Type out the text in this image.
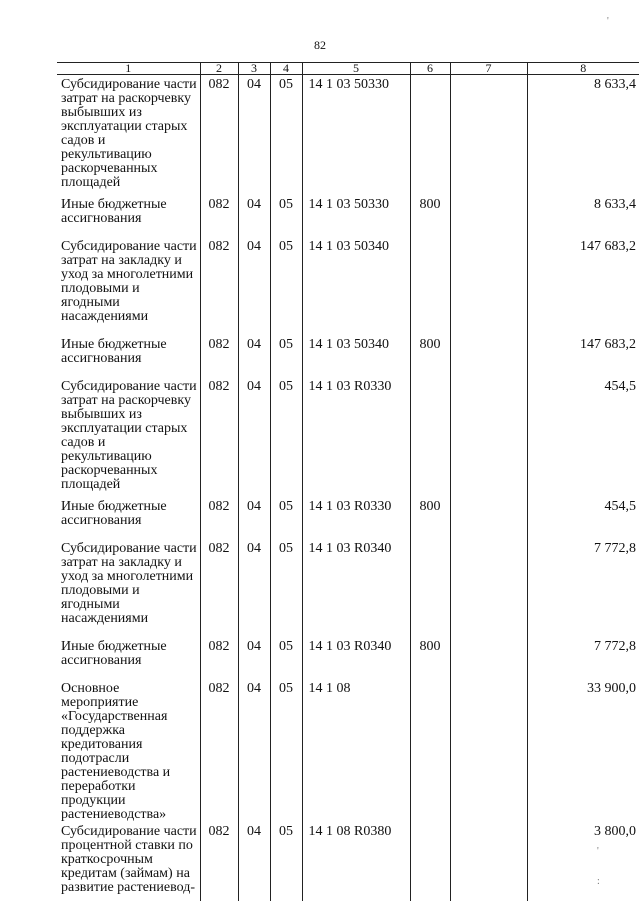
82
1	2	3	4	5	6	7	8
Субсидирование части затрат на раскорчевку выбывших из эксплуатации старых садов и рекультивацию раскорчеванных площадей	082	04	05	14 1 03 50330			8 633,4
Иные бюджетные ассигнования	082	04	05	14 1 03 50330	800		8 633,4
Субсидирование части затрат на закладку и уход за многолетними плодовыми и ягодными насаждениями	082	04	05	14 1 03 50340			147 683,2
Иные бюджетные ассигнования	082	04	05	14 1 03 50340	800		147 683,2
Субсидирование части затрат на раскорчевку выбывших из эксплуатации старых садов и рекультивацию раскорчеванных площадей	082	04	05	14 1 03 R0330			454,5
Иные бюджетные ассигнования	082	04	05	14 1 03 R0330	800		454,5
Субсидирование части затрат на закладку и уход за многолетними плодовыми и ягодными насаждениями	082	04	05	14 1 03 R0340			7 772,8
Иные бюджетные ассигнования	082	04	05	14 1 03 R0340	800		7 772,8
Основное мероприятие «Государственная поддержка кредитования подотрасли растениеводства и переработки продукции растениеводства»	082	04	05	14 1 08			33 900,0
Субсидирование части процентной ставки по краткосрочным кредитам (займам) на развитие растениевод-	082	04	05	14 1 08 R0380			3 800,0
'
'
:
